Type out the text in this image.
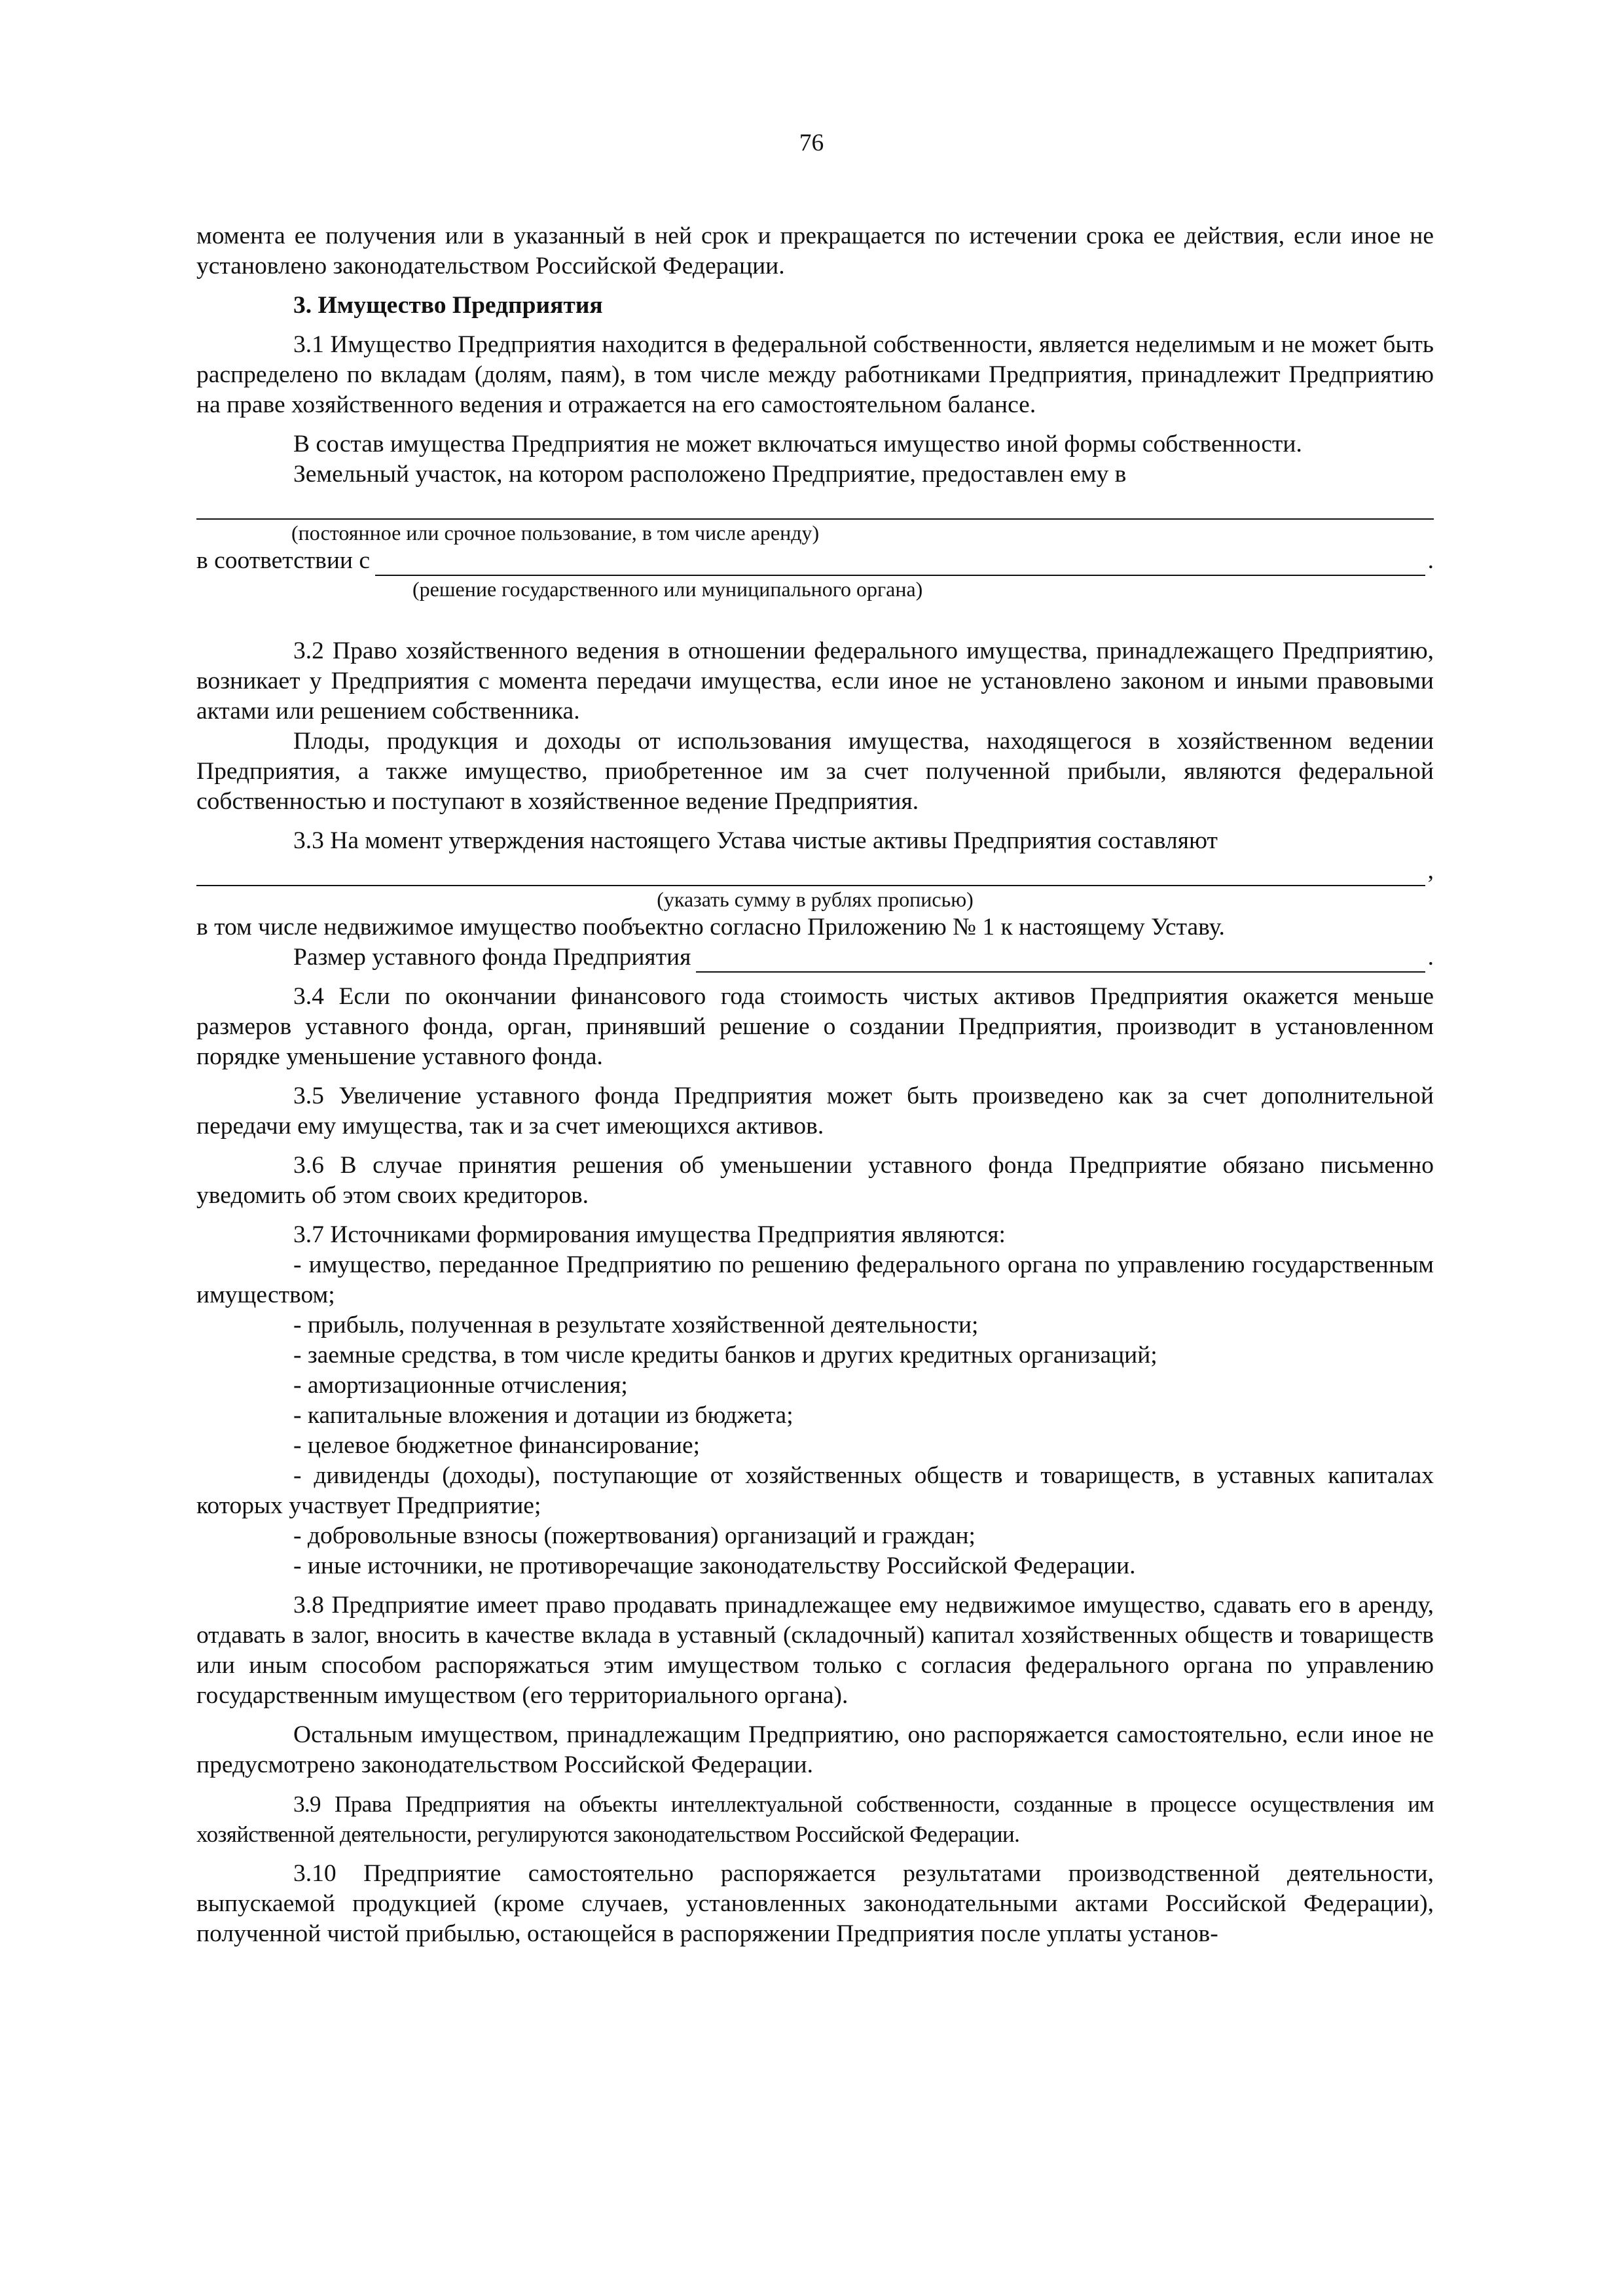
76

момента ее получения или в указанный в ней срок и прекращается по истечении срока ее действия, если иное не установлено законодательством Российской Федерации.

3. Имущество Предприятия

3.1 Имущество Предприятия находится в федеральной собственности, является неделимым и не может быть распределено по вкладам (долям, паям), в том числе между работниками Предприятия, принадлежит Предприятию на праве хозяйственного ведения и отражается на его самостоятельном балансе.

В состав имущества Предприятия не может включаться имущество иной формы собственности.

Земельный участок, на котором расположено Предприятие, предоставлен ему в

(постоянное или срочное пользование, в том числе аренду)
в соответствии с	.
(решение государственного или муниципального органа)

3.2 Право хозяйственного ведения в отношении федерального имущества, принадлежащего Предприятию, возникает у Предприятия с момента передачи имущества, если иное не установлено законом и иными правовыми актами или решением собственника.

Плоды, продукция и доходы от использования имущества, находящегося в хозяйственном ведении Предприятия, а также имущество, приобретенное им за счет полученной прибыли, являются федеральной собственностью и поступают в хозяйственное ведение Предприятия.

3.3 На момент утверждения настоящего Устава чистые активы Предприятия составляют

,
(указать сумму в рублях прописью)

в том числе недвижимое имущество пообъектно согласно Приложению № 1 к настоящему Уставу.

Размер уставного фонда Предприятия	.

3.4 Если по окончании финансового года стоимость чистых активов Предприятия окажется меньше размеров уставного фонда, орган, принявший решение о создании Предприятия, производит в установленном порядке уменьшение уставного фонда.

3.5 Увеличение уставного фонда Предприятия может быть произведено как за счет дополнительной передачи ему имущества, так и за счет имеющихся активов.

3.6 В случае принятия решения об уменьшении уставного фонда Предприятие обязано письменно уведомить об этом своих кредиторов.

3.7 Источниками формирования имущества Предприятия являются:

- имущество, переданное Предприятию по решению федерального органа по управлению государственным имуществом;

- прибыль, полученная в результате хозяйственной деятельности;

- заемные средства, в том числе кредиты банков и других кредитных организаций;

- амортизационные отчисления;

- капитальные вложения и дотации из бюджета;

- целевое бюджетное финансирование;

- дивиденды (доходы), поступающие от хозяйственных обществ и товариществ, в уставных капиталах которых участвует Предприятие;

- добровольные взносы (пожертвования) организаций и граждан;

- иные источники, не противоречащие законодательству Российской Федерации.

3.8 Предприятие имеет право продавать принадлежащее ему недвижимое имущество, сдавать его в аренду, отдавать в залог, вносить в качестве вклада в уставный (складочный) капитал хозяйственных обществ и товариществ или иным способом распоряжаться этим имуществом только с согласия федерального органа по управлению государственным имуществом (его территориального органа).

Остальным имуществом, принадлежащим Предприятию, оно распоряжается самостоятельно, если иное не предусмотрено законодательством Российской Федерации.

3.9 Права Предприятия на объекты интеллектуальной собственности, созданные в процессе осуществления им хозяйственной деятельности, регулируются законодательством Российской Федерации.

3.10 Предприятие самостоятельно распоряжается результатами производственной деятельности, выпускаемой продукцией (кроме случаев, установленных законодательными актами Российской Федерации), полученной чистой прибылью, остающейся в распоряжении Предприятия после уплаты установ-
